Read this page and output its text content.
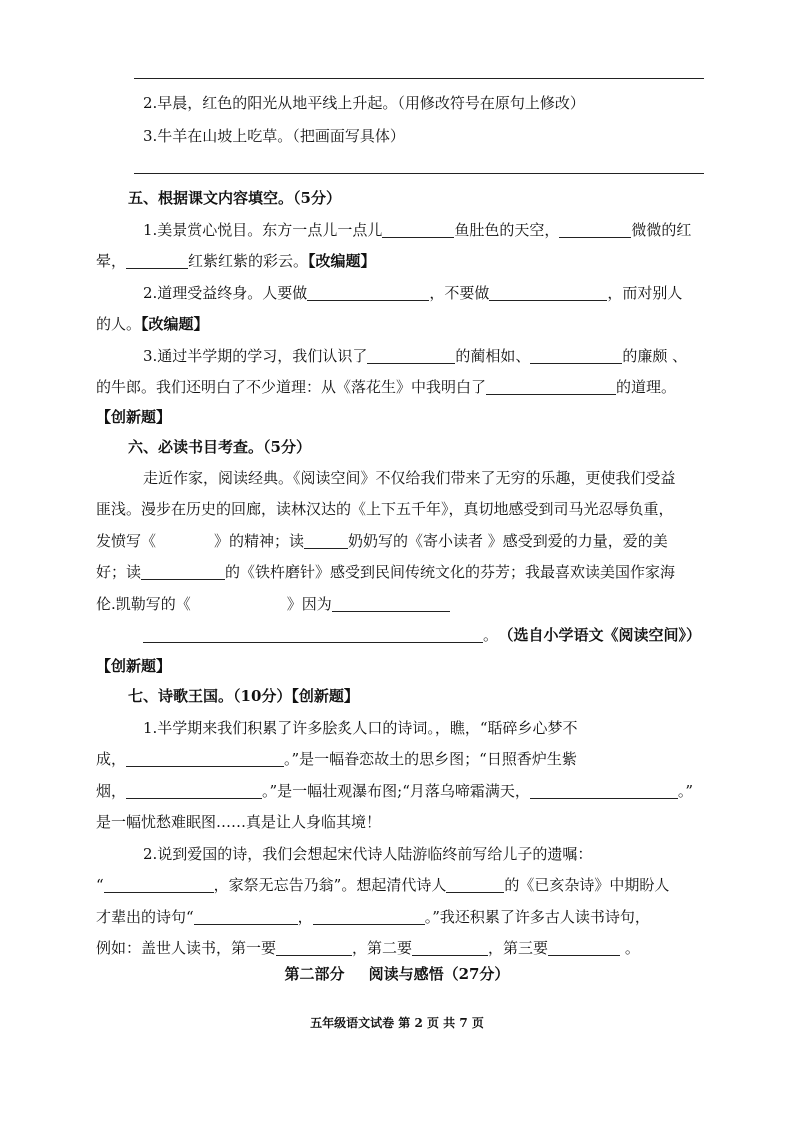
2.早晨，红色的阳光从地平线上升起。（用修改符号在原句上修改）
3.牛羊在山坡上吃草。（把画面写具体）
五、根据课文内容填空。（5分）
1.美景赏心悦目。东方一点儿一点儿	鱼肚色的天空，	微微的红
晕，	红紫红紫的彩云。【改编题】
2.道理受益终身。人要做	，不要做	，而对别人
的人。【改编题】
3.通过半学期的学习，我们认识了	的蔺相如、	的廉颇 、
的牛郎。我们还明白了不少道理：从《落花生》中我明白了	的道理。
【创新题】
六、必读书目考查。（5分）
走近作家，阅读经典。《阅读空间》不仅给我们带来了无穷的乐趣，更使我们受益
匪浅。漫步在历史的回廊，读林汉达的《上下五千年》，真切地感受到司马光忍辱负重，
发愤写《	》的精神；读	奶奶写的《寄小读者 》感受到爱的力量，爱的美
好；读	的《铁杵磨针》感受到民间传统文化的芬芳；我最喜欢读美国作家海
伦.凯勒写的《	》因为
。 （选自小学语文《阅读空间》）
【创新题】
七、诗歌王国。（10分）【创新题】
1.半学期来我们积累了许多脍炙人口的诗词。，瞧，“聒碎乡心梦不
成，	。”是一幅眷恋故土的思乡图；“日照香炉生紫
烟，	。”是一幅壮观瀑布图;“月落乌啼霜满天，	。”
是一幅忧愁难眠图……真是让人身临其境！
2.说到爱国的诗，我们会想起宋代诗人陆游临终前写给儿子的遗嘱：
“	，家祭无忘告乃翁”。想起清代诗人	的《已亥杂诗》中期盼人
才辈出的诗句“	，	。”我还积累了许多古人读书诗句，
例如：盖世人读书，第一要	，第二要	，第三要	。
第二部分 阅读与感悟（27分）
五年级语文试卷 第 2 页 共 7 页
